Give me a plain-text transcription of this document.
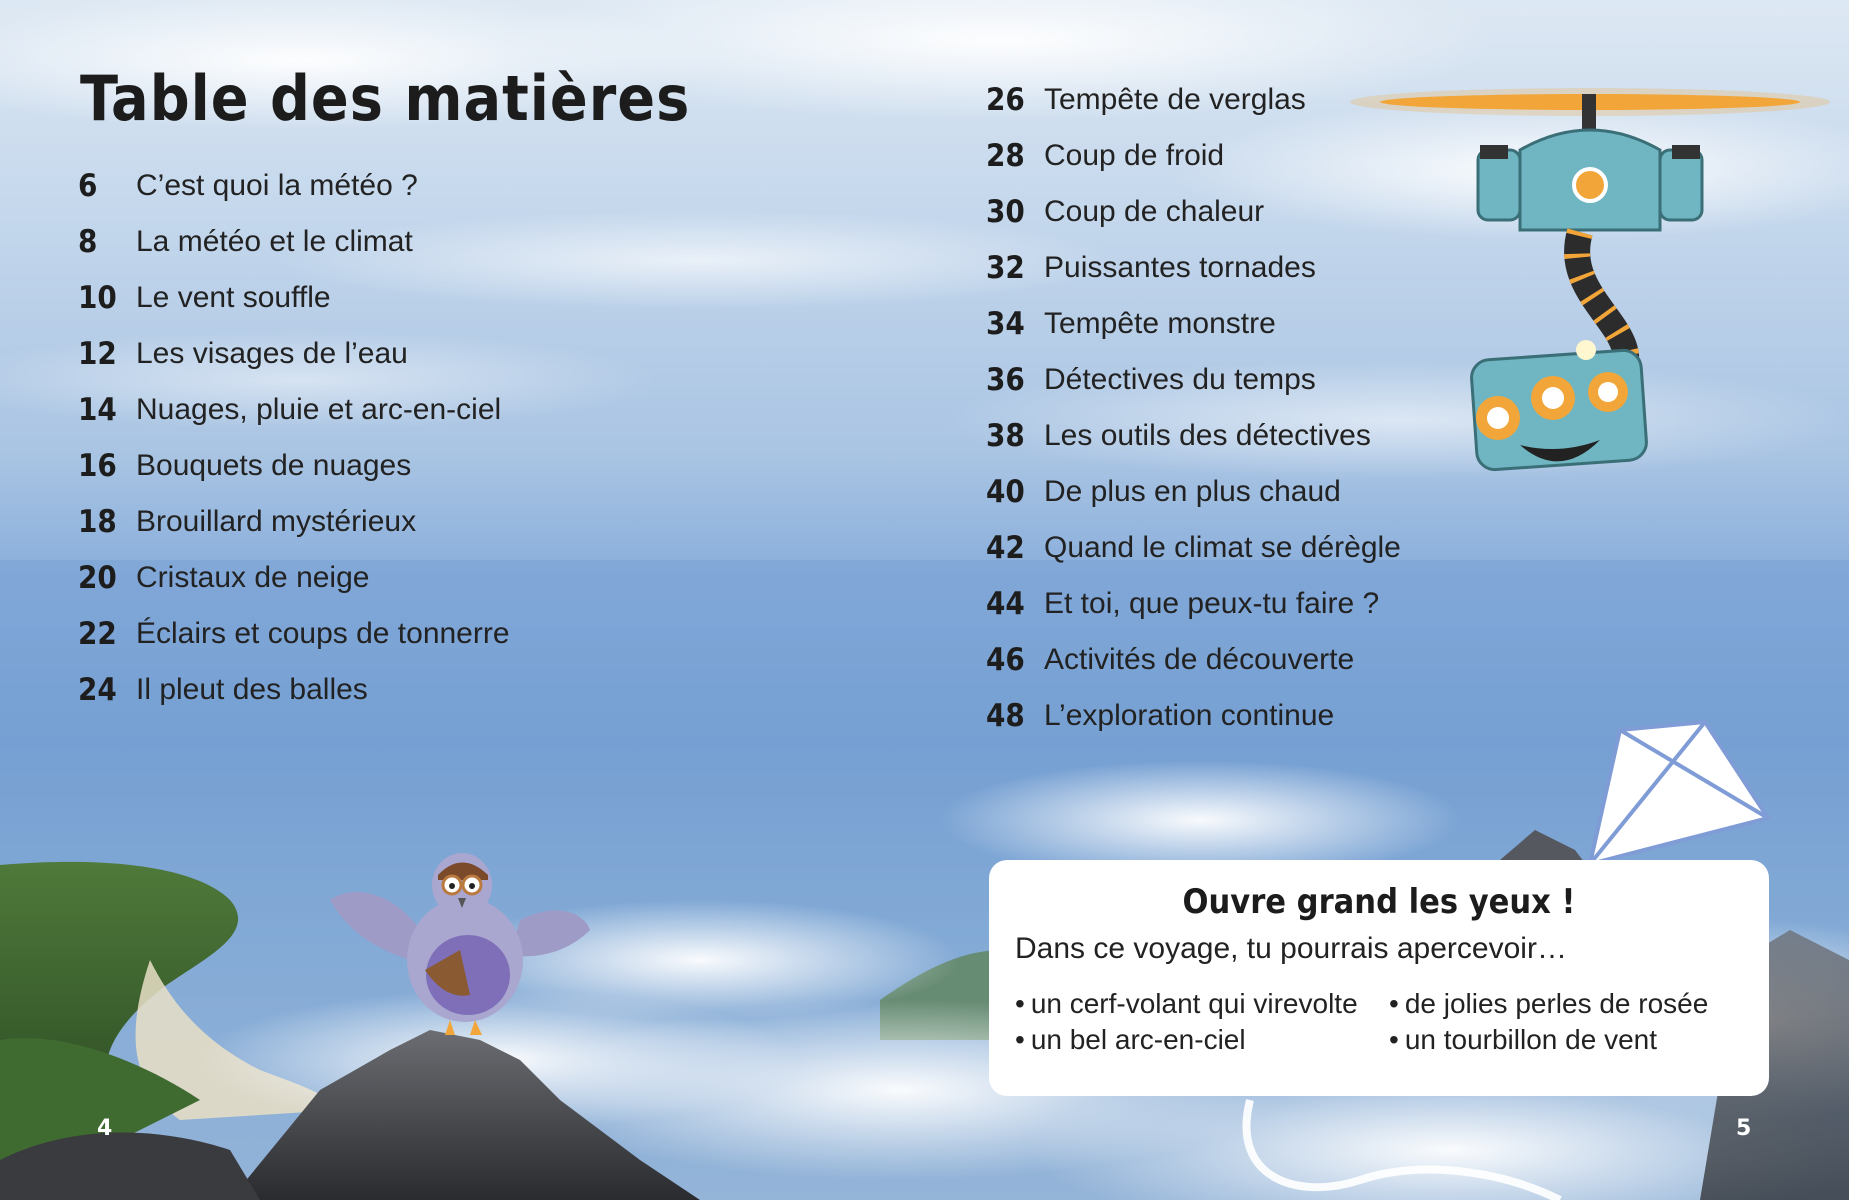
Table des matières
6	C’est quoi la météo ?
8	La météo et le climat
10 Le vent souffle
12 Les visages de l’eau
14 Nuages, pluie et arc-en-ciel
16 Bouquets de nuages
18 Brouillard mystérieux
20 Cristaux de neige
22 Éclairs et coups de tonnerre
24 Il pleut des balles
26 Tempête de verglas
28 Coup de froid
30 Coup de chaleur
32 Puissantes tornades
34 Tempête monstre
36 Détectives du temps
38 Les outils des détectives
40 De plus en plus chaud
42 Quand le climat se dérègle
44 Et toi, que peux-tu faire ?
46 Activités de découverte
48 L’exploration continue
Ouvre grand les yeux !

Dans ce voyage, tu pourrais apercevoir…

• un cerf-volant qui virevolte	• de jolies perles de rosée
• un bel arc-en-ciel	• un tourbillon de vent
4	5
